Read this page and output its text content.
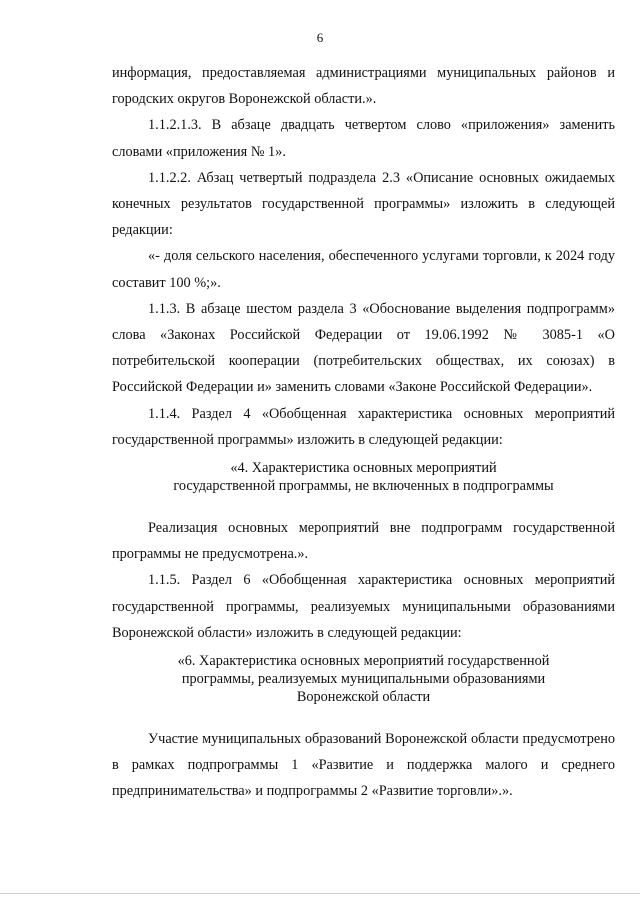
6

информация, предоставляемая администрациями муниципальных районов и городских округов Воронежской области.».

1.1.2.1.3. В абзаце двадцать четвертом слово «приложения» заменить словами «приложения № 1».

1.1.2.2. Абзац четвертый подраздела 2.3 «Описание основных ожидаемых конечных результатов государственной программы» изложить в следующей редакции:

«- доля сельского населения, обеспеченного услугами торговли, к 2024 году составит 100 %;».

1.1.3. В абзаце шестом раздела 3 «Обоснование выделения подпрограмм» слова «Законах Российской Федерации от 19.06.1992 № 3085-1 «О потребительской кооперации (потребительских обществах, их союзах) в Российской Федерации и» заменить словами «Законе Российской Федерации».

1.1.4. Раздел 4 «Обобщенная характеристика основных мероприятий государственной программы» изложить в следующей редакции:

«4. Характеристика основных мероприятий
государственной программы, не включенных в подпрограммы

Реализация основных мероприятий вне подпрограмм государственной программы не предусмотрена.».

1.1.5. Раздел 6 «Обобщенная характеристика основных мероприятий государственной программы, реализуемых муниципальными образованиями Воронежской области» изложить в следующей редакции:

«6. Характеристика основных мероприятий государственной
программы, реализуемых муниципальными образованиями
Воронежской области

Участие муниципальных образований Воронежской области предусмотрено в рамках подпрограммы 1 «Развитие и поддержка малого и среднего предпринимательства» и подпрограммы 2 «Развитие торговли».».
